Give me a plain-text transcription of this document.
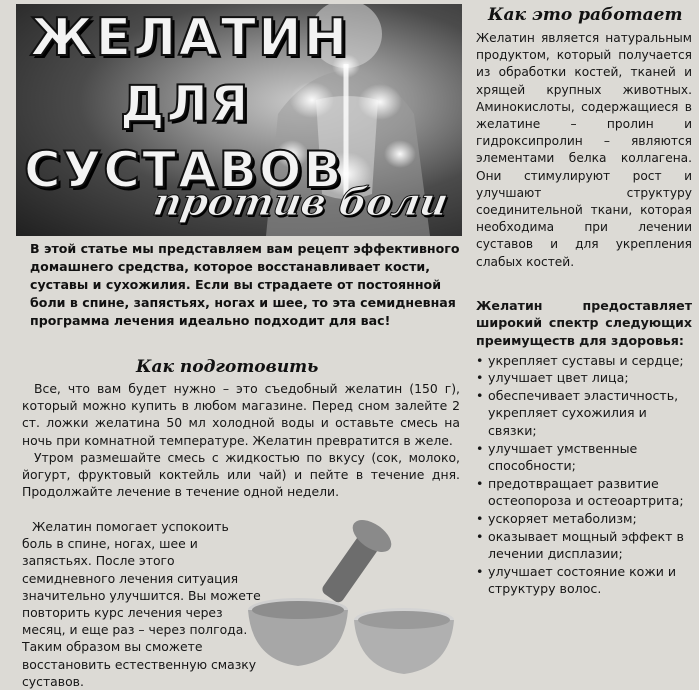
ЖЕЛАТИН
ДЛЯ
СУСТАВОВ
против боли

В этой статье мы представляем вам рецепт эффективного домашнего средства, которое восстанавливает кости, суставы и сухожилия. Если вы страдаете от постоянной боли в спине, запястьях, ногах и шее, то эта семидневная программа лечения идеально подходит для вас!

Как подготовить

Все, что вам будет нужно – это съедобный желатин (150 г), который можно купить в любом магазине. Перед сном залейте 2 ст. ложки желатина 50 мл холодной воды и оставьте смесь на ночь при комнатной температуре. Желатин превратится в желе.

Утром размешайте смесь с жидкостью по вкусу (сок, молоко, йогурт, фруктовый коктейль или чай) и пейте в течение дня. Продолжайте лечение в течение одной недели.

Желатин помогает успокоить боль в спине, ногах, шее и запястьях. После этого семидневного лечения ситуация значительно улучшится. Вы можете повторить курс лечения через месяц, и еще раз – через полгода. Таким образом вы сможете восстановить естественную смазку суставов.

Как это работает

Желатин является натуральным продуктом, который получается из обработки костей, тканей и хрящей крупных животных. Аминокислоты, содержащиеся в желатине – пролин и гидроксипролин – являются элементами белка коллагена. Они стимулируют рост и улучшают структуру соединительной ткани, которая необходима при лечении суставов и для укрепления слабых костей.

Желатин предоставляет широкий спектр следующих преимуществ для здоровья:

• укрепляет суставы и сердце;
• улучшает цвет лица;
• обеспечивает эластичность, укрепляет сухожилия и связки;
• улучшает умственные способности;
• предотвращает развитие остеопороза и остеоартрита;
• ускоряет метаболизм;
• оказывает мощный эффект в лечении дисплазии;
• улучшает состояние кожи и структуру волос.
